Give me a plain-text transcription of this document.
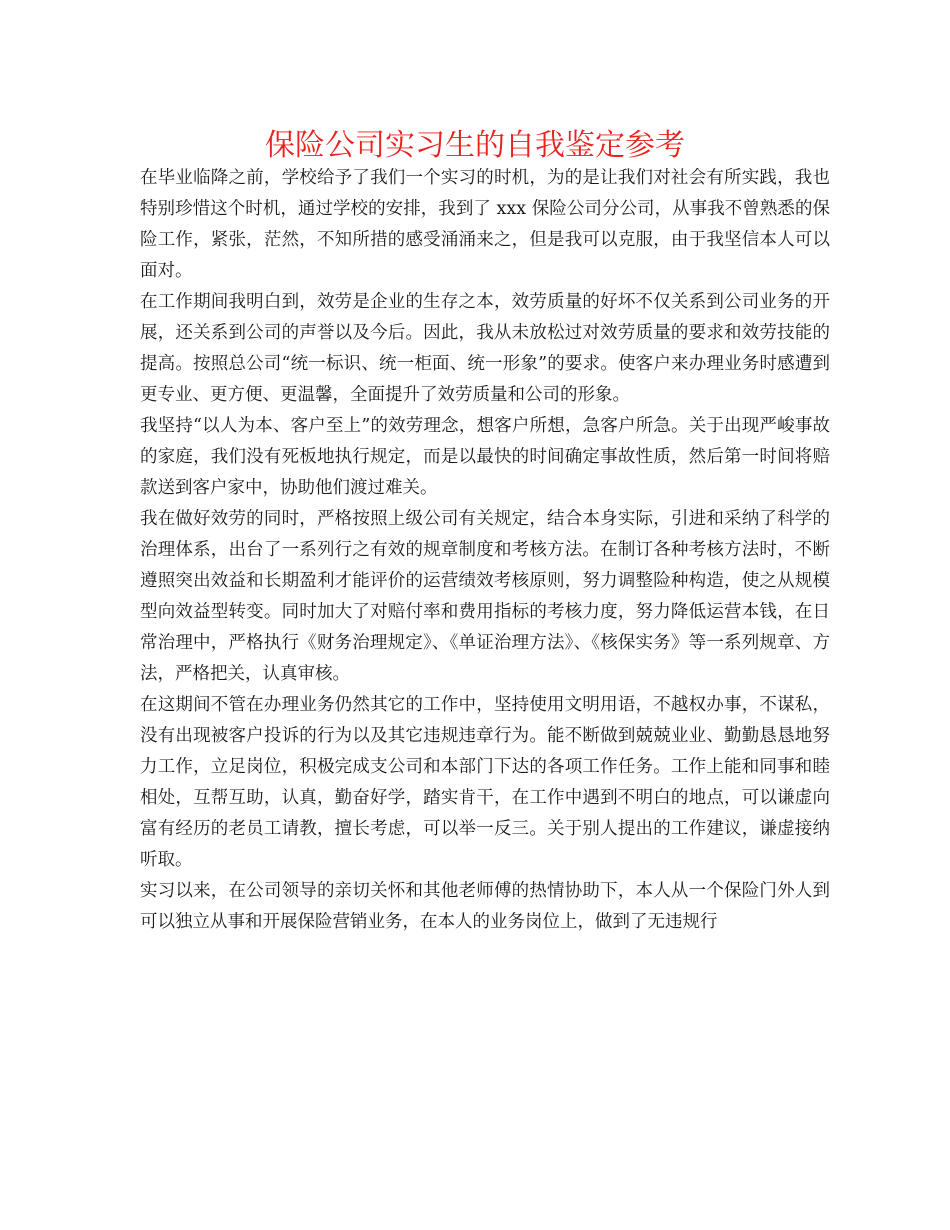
保险公司实习生的自我鉴定参考

在毕业临降之前，学校给予了我们一个实习的时机，为的是让我们对社会有所实践，我也特别珍惜这个时机，通过学校的安排，我到了 xxx 保险公司分公司，从事我不曾熟悉的保险工作，紧张，茫然，不知所措的感受涌涌来之，但是我可以克服，由于我坚信本人可以面对。

在工作期间我明白到，效劳是企业的生存之本，效劳质量的好坏不仅关系到公司业务的开展，还关系到公司的声誉以及今后。因此，我从未放松过对效劳质量的要求和效劳技能的提高。按照总公司“统一标识、统一柜面、统一形象”的要求。使客户来办理业务时感遭到更专业、更方便、更温馨，全面提升了效劳质量和公司的形象。

我坚持“以人为本、客户至上”的效劳理念，想客户所想，急客户所急。关于出现严峻事故的家庭，我们没有死板地执行规定，而是以最快的时间确定事故性质，然后第一时间将赔款送到客户家中，协助他们渡过难关。

我在做好效劳的同时，严格按照上级公司有关规定，结合本身实际，引进和采纳了科学的治理体系，出台了一系列行之有效的规章制度和考核方法。在制订各种考核方法时，不断遵照突出效益和长期盈利才能评价的运营绩效考核原则，努力调整险种构造，使之从规模型向效益型转变。同时加大了对赔付率和费用指标的考核力度，努力降低运营本钱，在日常治理中，严格执行《财务治理规定》、《单证治理方法》、《核保实务》等一系列规章、方法，严格把关，认真审核。

在这期间不管在办理业务仍然其它的工作中，坚持使用文明用语，不越权办事，不谋私，没有出现被客户投诉的行为以及其它违规违章行为。能不断做到兢兢业业、勤勤恳恳地努力工作，立足岗位，积极完成支公司和本部门下达的各项工作任务。工作上能和同事和睦相处，互帮互助，认真，勤奋好学，踏实肯干，在工作中遇到不明白的地点，可以谦虚向富有经历的老员工请教，擅长考虑，可以举一反三。关于别人提出的工作建议，谦虚接纳听取。

实习以来，在公司领导的亲切关怀和其他老师傅的热情协助下，本人从一个保险门外人到可以独立从事和开展保险营销业务，在本人的业务岗位上，做到了无违规行
